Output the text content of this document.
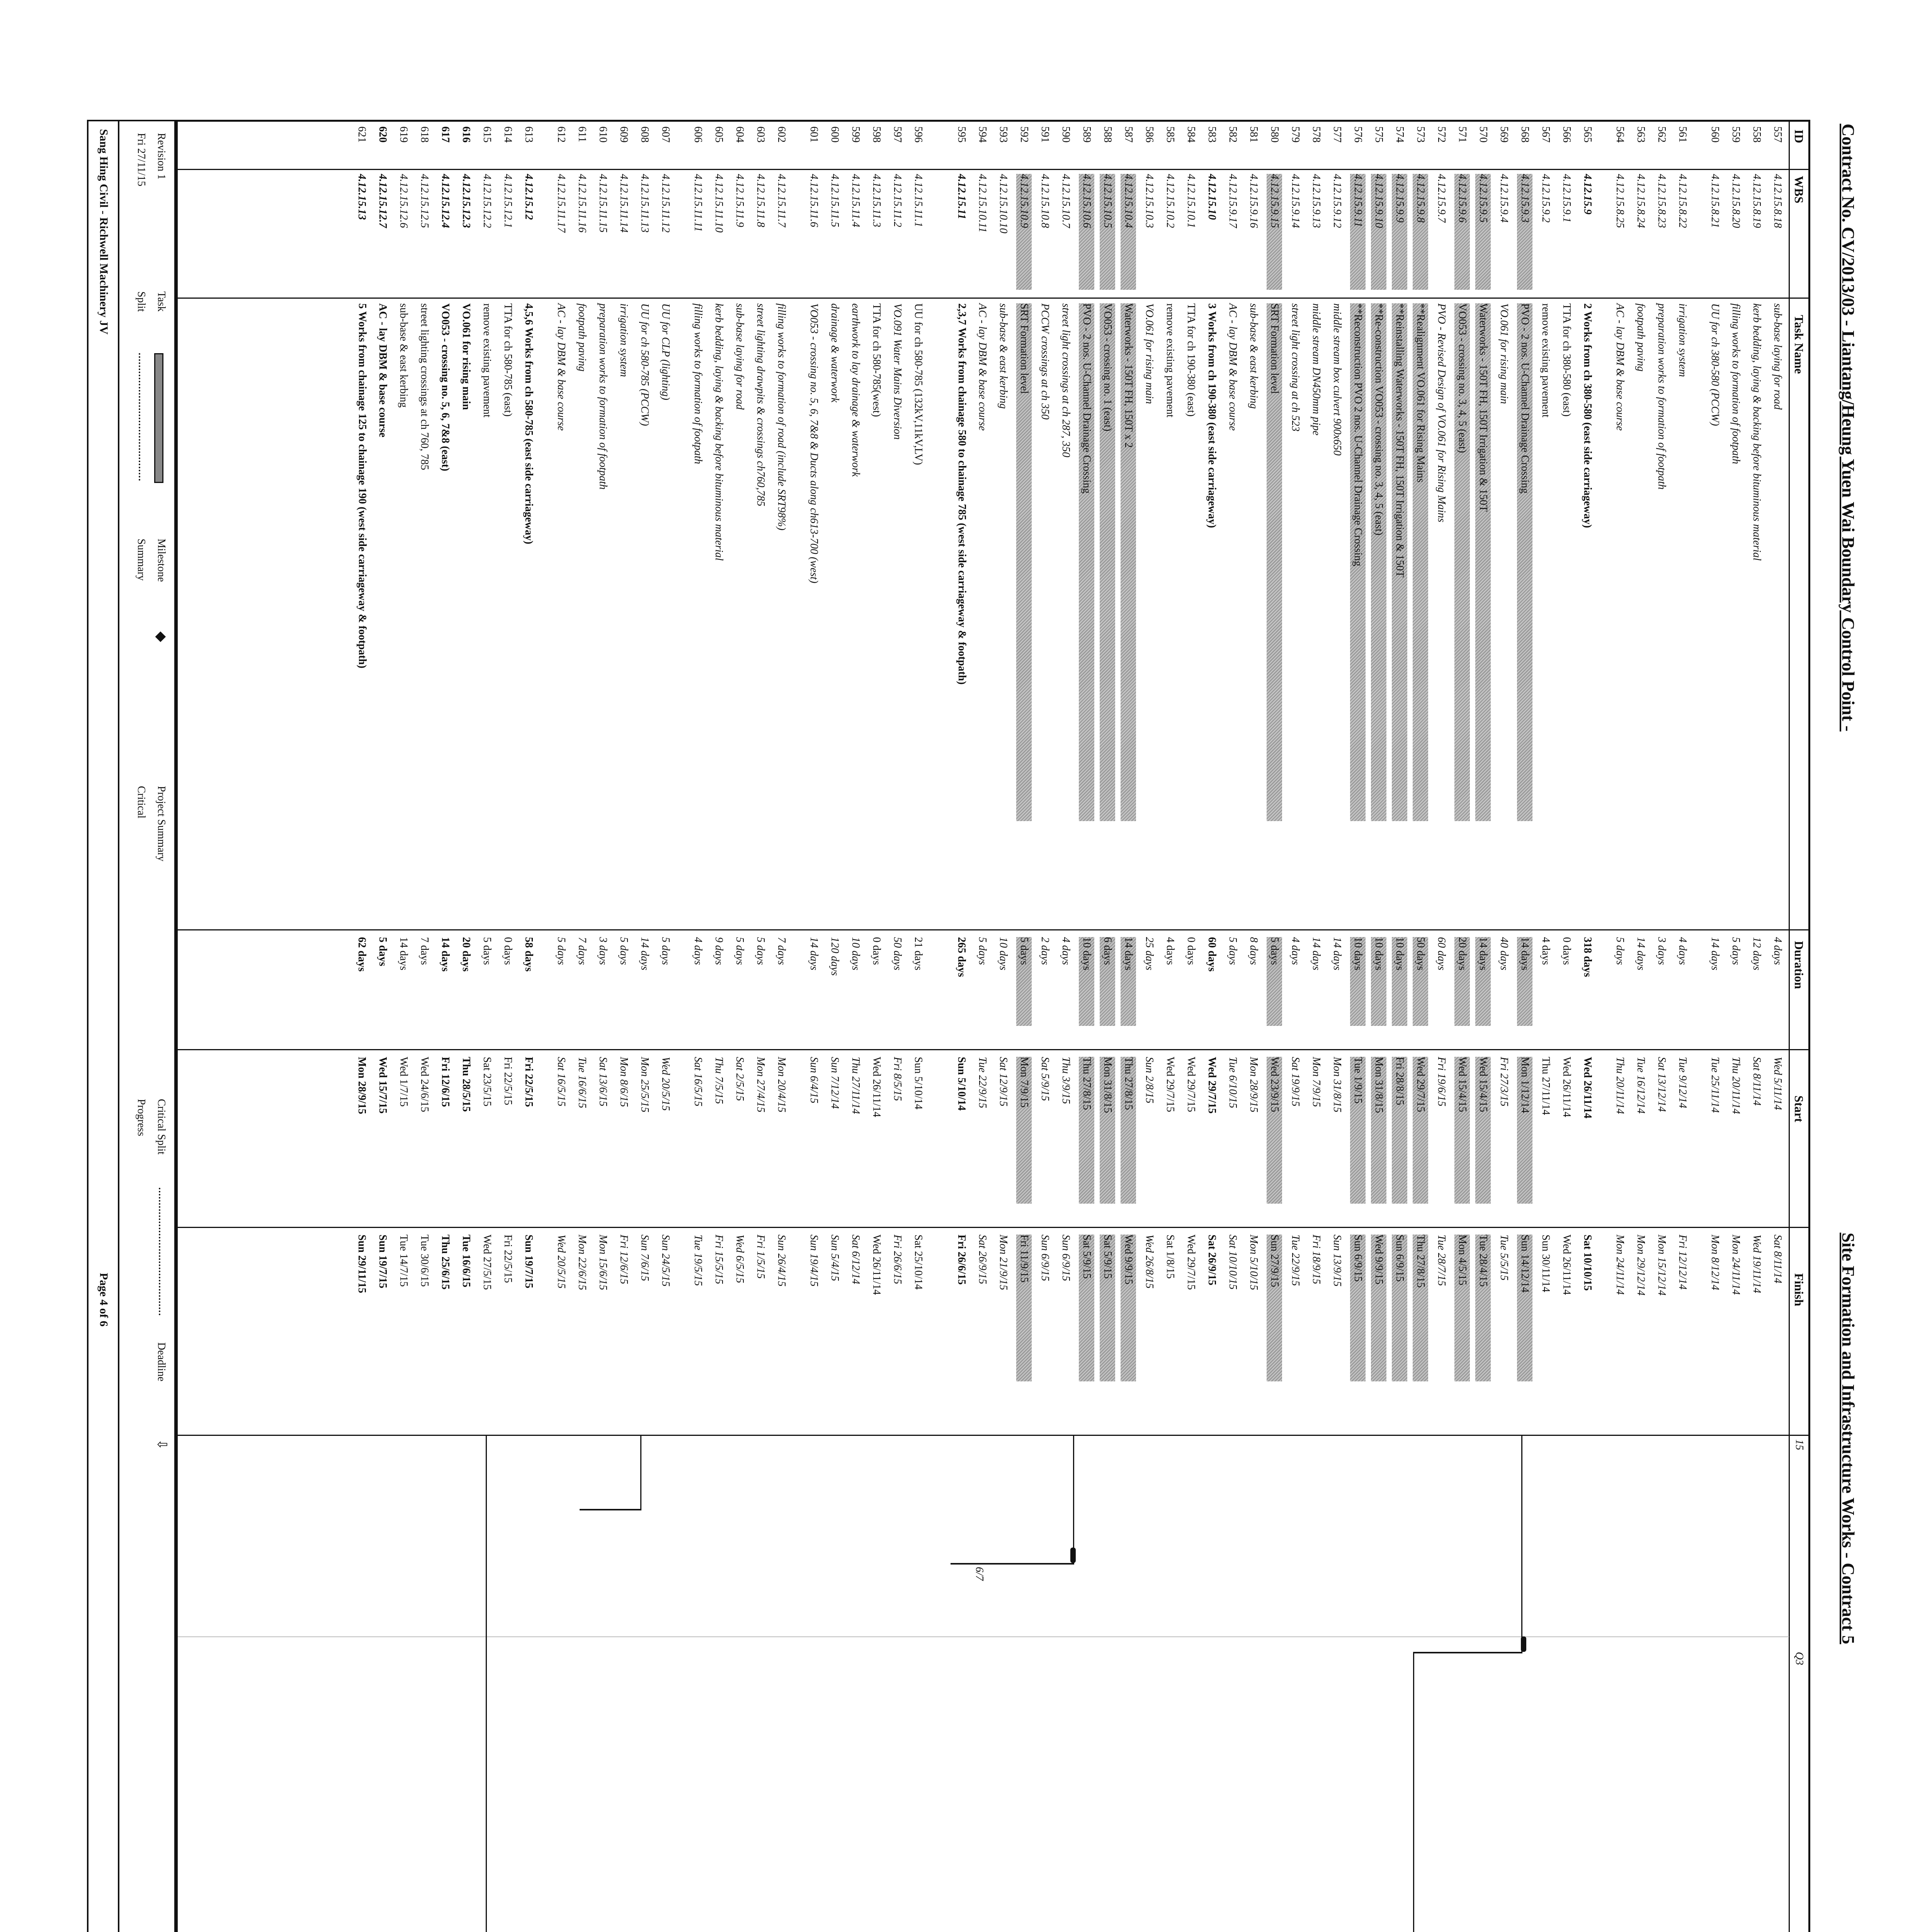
Contract No. CV/2013/03 - Liantang/Heung Yuen Wai Boundary Control Point -
Site Formation and Infrastructure Works - Contract 5
ID
WBS
Task Name
Duration
Start
Finish
557
4.12.15.8.18
sub-base laying for road
4 days
Wed 5/11/14
Sat 8/11/14
558
4.12.15.8.19
kerb bedding, laying & backing before bituminous material
12 days
Sat 8/11/14
Wed 19/11/14
559
4.12.15.8.20
filling works to formation of footpath
5 days
Thu 20/11/14
Mon 24/11/14
560
4.12.15.8.21
UU for ch 380-580 (PCCW)
14 days
Tue 25/11/14
Mon 8/12/14
561
4.12.15.8.22
irrigation system
4 days
Tue 9/12/14
Fri 12/12/14
562
4.12.15.8.23
preparation works to formation of footpath
3 days
Sat 13/12/14
Mon 15/12/14
563
4.12.15.8.24
footpath paving
14 days
Tue 16/12/14
Mon 29/12/14
564
4.12.15.8.25
AC - lay DBM & base course
5 days
Thu 20/11/14
Mon 24/11/14
565
4.12.15.9
2 Works from ch 380-580 (east side carriageway)
318 days
Wed 26/11/14
Sat 10/10/15
566
4.12.15.9.1
TTA for ch 380-580 (east)
0 days
Wed 26/11/14
Wed 26/11/14
567
4.12.15.9.2
remove existing pavement
4 days
Thu 27/11/14
Sun 30/11/14
568
4.12.15.9.3
PVO - 2 nos. U-Channel Drainage Crossing
14 days
Mon 1/12/14
Sun 14/12/14
569
4.12.15.9.4
VO.061 for rising main
40 days
Fri 27/3/15
Tue 5/5/15
570
4.12.15.9.5
Waterworks - 150T FH, 150T Irrigation & 150T
14 days
Wed 15/4/15
Tue 28/4/15
571
4.12.15.9.6
VO053 - crossing no. 3, 4, 5 (east)
20 days
Wed 15/4/15
Mon 4/5/15
572
4.12.15.9.7
PVO - Revised Design of VO.061 for Rising Mains
60 days
Fri 19/6/15
Tue 28/7/15
573
4.12.15.9.8
**Realignment VO.061 for Rising Mains
50 days
Wed 29/7/15
Thu 27/8/15
574
4.12.15.9.9
**Reinstalling Waterworks - 150T FH, 150T Irrigation & 150T
10 days
Fri 28/8/15
Sun 6/9/15
575
4.12.15.9.10
**Re-construction VO053 - crossing no. 3, 4, 5 (east)
10 days
Mon 31/8/15
Wed 9/9/15
576
4.12.15.9.11
**Reconstruction PVO 2 nos. U-Channel Drainage Crossing
10 days
Tue 1/9/15
Sun 6/9/15
577
4.12.15.9.12
middle stream box culvert 900x650
14 days
Mon 31/8/15
Sun 13/9/15
578
4.12.15.9.13
middle stream DN450mm pipe
14 days
Mon 7/9/15
Fri 18/9/15
579
4.12.15.9.14
street light crossing at ch 523
4 days
Sat 19/9/15
Tue 22/9/15
580
4.12.15.9.15
SRT Formation level
5 days
Wed 23/9/15
Sun 27/9/15
581
4.12.15.9.16
sub-base & east kerbing
8 days
Mon 28/9/15
Mon 5/10/15
582
4.12.15.9.17
AC - lay DBM & base course
5 days
Tue 6/10/15
Sat 10/10/15
583
4.12.15.10
3 Works from ch 190-380 (east side carriageway)
60 days
Wed 29/7/15
Sat 26/9/15
584
4.12.15.10.1
TTA for ch 190-380 (east)
0 days
Wed 29/7/15
Wed 29/7/15
585
4.12.15.10.2
remove existing pavement
4 days
Wed 29/7/15
Sat 1/8/15
586
4.12.15.10.3
VO.061 for rising main
25 days
Sun 2/8/15
Wed 26/8/15
587
4.12.15.10.4
Waterworks - 150T FH, 150T x 2
14 days
Thu 27/8/15
Wed 9/9/15
588
4.12.15.10.5
VO053 - crossing no. 1 (east)
6 days
Mon 31/8/15
Sat 5/9/15
589
4.12.15.10.6
PVO - 2 nos. U-Channel Drainage Crossing
10 days
Thu 27/8/15
Sat 5/9/15
590
4.12.15.10.7
street light crossings at ch 287, 350
4 days
Thu 3/9/15
Sun 6/9/15
591
4.12.15.10.8
PCCW crossings at ch 350
2 days
Sat 5/9/15
Sun 6/9/15
592
4.12.15.10.9
SRT Formation level
5 days
Mon 7/9/15
Fri 11/9/15
593
4.12.15.10.10
sub-base & east kerbing
10 days
Sat 12/9/15
Mon 21/9/15
594
4.12.15.10.11
AC - lay DBM & base course
5 days
Tue 22/9/15
Sat 26/9/15
595
4.12.15.11
2,3,7 Works from chainage 580 to chainage 785 (west side carriageway & footpath)
265 days
Sun 5/10/14
Fri 26/6/15
596
4.12.15.11.1
UU for ch 580-785 (132kV,11kV,LV)
21 days
Sun 5/10/14
Sat 25/10/14
597
4.12.15.11.2
VO.091 Water Mains Diversion
50 days
Fri 8/5/15
Fri 26/6/15
598
4.12.15.11.3
TTA for ch 580-785(west)
0 days
Wed 26/11/14
Wed 26/11/14
599
4.12.15.11.4
earthwork to lay drainage & waterwork
10 days
Thu 27/11/14
Sat 6/12/14
600
4.12.15.11.5
drainage & waterwork
120 days
Sun 7/12/14
Sun 5/4/15
601
4.12.15.11.6
VO053 - crossing no. 5, 6, 7&8 & Ducts along ch613-700 (west)
14 days
Sun 6/4/15
Sun 19/4/15
602
4.12.15.11.7
filling works to formation of road (include SRT98%)
7 days
Mon 20/4/15
Sun 26/4/15
603
4.12.15.11.8
street lighting drawpits & crossings ch760,785
5 days
Mon 27/4/15
Fri 1/5/15
604
4.12.15.11.9
sub-base laying for road
5 days
Sat 2/5/15
Wed 6/5/15
605
4.12.15.11.10
kerb bedding, laying & backing before bituminous material
9 days
Thu 7/5/15
Fri 15/5/15
606
4.12.15.11.11
filling works to formation of footpath
4 days
Sat 16/5/15
Tue 19/5/15
607
4.12.15.11.12
UU for CLP (lighting)
5 days
Wed 20/5/15
Sun 24/5/15
608
4.12.15.11.13
UU for ch 580-785 (PCCW)
14 days
Mon 25/5/15
Sun 7/6/15
609
4.12.15.11.14
irrigation system
5 days
Mon 8/6/15
Fri 12/6/15
610
4.12.15.11.15
preparation works to formation of footpath
3 days
Sat 13/6/15
Mon 15/6/15
611
4.12.15.11.16
footpath paving
7 days
Tue 16/6/15
Mon 22/6/15
612
4.12.15.11.17
AC - lay DBM & base course
5 days
Sat 16/5/15
Wed 20/5/15
613
4.12.15.12
4,5,6 Works from ch 580-785 (east side carriageway)
58 days
Fri 22/5/15
Sun 19/7/15
614
4.12.15.12.1
TTA for ch 580-785 (east)
0 days
Fri 22/5/15
Fri 22/5/15
615
4.12.15.12.2
remove existing pavement
5 days
Sat 23/5/15
Wed 27/5/15
616
4.12.15.12.3
VO.061 for rising main
20 days
Thu 28/5/15
Tue 16/6/15
617
4.12.15.12.4
VO053 - crossing no. 5, 6, 7&8 (east)
14 days
Fri 12/6/15
Thu 25/6/15
618
4.12.15.12.5
street lighting crossings at ch 760, 785
7 days
Wed 24/6/15
Tue 30/6/15
619
4.12.15.12.6
sub-base & east kerbing
14 days
Wed 1/7/15
Tue 14/7/15
620
4.12.15.12.7
AC - lay DBM & base course
5 days
Wed 15/7/15
Sun 19/7/15
621
4.12.15.13
5 Works from chainage 125 to chainage 190 (west side carriageway & footpath)
62 days
Mon 28/9/15
Sun 29/11/15
15
Q3
6/7
Revision 1
Fri 27/11/15
Task
Split
Milestone
Summary
◆
Project Summary
Critical
Critical Split
Progress
Deadline
⇩
Sang Hing Civil - Richwell Machinery JV
Page 4 of 6
